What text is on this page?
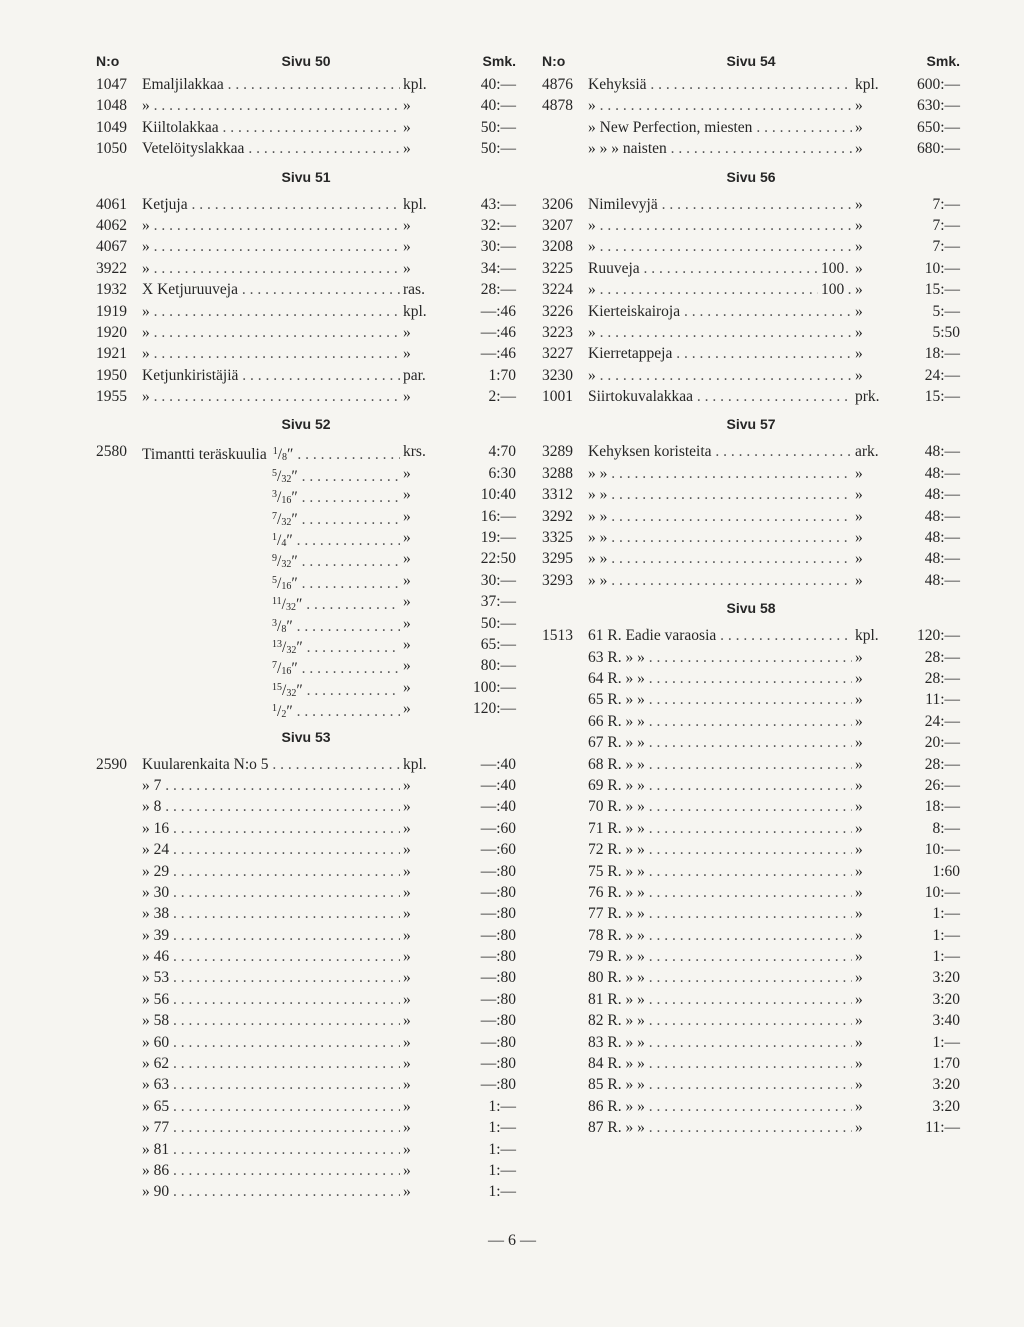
N:o	Sivu 50	Smk.
1047 Emaljilakkaa . . .	kpl.	40:—
1048 » . . .	»	40:—
1049 Kiiltolakkaa . . .	»	50:—
1050 Vetelöityslakkaa . . .	»	50:—
Sivu 51
4061 Ketjuja . . .	kpl.	43:—
4062 » . . .	»	32:—
4067 » . . .	»	30:—
3922 » . . .	»	34:—
1932 X Ketjuruuveja . . .	ras.	28:—
1919 » . . .	kpl.	—:46
1920 » . . .	»	—:46
1921 » . . .	»	—:46
1950 Ketjunkiristäjiä . . .	par.	1:70
1955 » . . .	»	2:—
Sivu 52
2580 Timantti teräskuulia $^1/_8''$ . . .	krs.	4:70
$^5/_{32}''$ . . .	»	6:30
$^3/_{16}''$ . . .	»	10:40
$^7/_{32}''$ . . .	»	16:—
$^1/_4''$ . . .	»	19:—
$^9/_{32}''$ . . .	»	22:50
$^5/_{16}''$ . . .	»	30:—
$^{11}/_{32}''$ . . .	»	37:—
$^3/_8''$ . . .	»	50:—
$^{13}/_{32}''$ . . .	»	65:—
$^7/_{16}''$ . . .	»	80:—
$^{15}/_{32}''$ . . .	»	100:—
$^1/_2''$ . . .	»	120:—
Sivu 53
2590 Kuularenkaita N:o 5 . . .	kpl.	—:40
» 7 . . .	»	—:40
» 8 . . .	»	—:40
» 16 . . .	»	—:60
» 24 . . .	»	—:60
» 29 . . .	»	—:80
» 30 . . .	»	—:80
» 38 . . .	»	—:80
» 39 . . .	»	—:80
» 46 . . .	»	—:80
» 53 . . .	»	—:80
» 56 . . .	»	—:80
» 58 . . .	»	—:80
» 60 . . .	»	—:80
» 62 . . .	»	—:80
» 63 . . .	»	—:80
» 65 . . .	»	1:—
» 77 . . .	»	1:—
» 81 . . .	»	1:—
» 86 . . .	»	1:—
» 90 . . .	»	1:—
N:o	Sivu 54	Smk.
4876 Kehyksiä . . .	kpl. 600:—
4878 » . . .	»	630:—
» New Perfection, miesten . . .	»	650:—
» » » naisten . . .	»	680:—
Sivu 56
3206 Nimilevyjä . . .	»	7:—
3207 » . . .	»	7:—
3208 » . . .	»	7:—
3225 Ruuveja . . .	100 »	10:—
3224 » . . .	100 »	15:—
3226 Kierteiskairoja . . .	»	5:—
3223 » . . .	»	5:50
3227 Kierretappeja . . .	»	18:—
3230 » . . .	»	24:—
1001 Siirtokuvalakkaa . . .	prk.	15:—
Sivu 57
3289 Kehyksen koristeita . . .	ark.	48:—
3288 » » . . .	»	48:—
3312 » » . . .	»	48:—
3292 » » . . .	»	48:—
3325 » » . . .	»	48:—
3295 » » . . .	»	48:—
3293 » » . . .	»	48:—
Sivu 58
1513 61 R. Eadie varaosia . . .	kpl. 120:—
63 R. » » . . .	»	28:—
64 R. » » . . .	»	28:—
65 R. » » . . .	»	11:—
66 R. » » . . .	»	24:—
67 R. » » . . .	»	20:—
68 R. » » . . .	»	28:—
69 R. » » . . .	»	26:—
70 R. » » . . .	»	18:—
71 R. » » . . .	»	8:—
72 R. » » . . .	»	10:—
75 R. » » . . .	»	1:60
76 R. » » . . .	»	10:—
77 R. » » . . .	»	1:—
78 R. » » . . .	»	1:—
79 R. » » . . .	»	1:—
80 R. » » . . .	»	3:20
81 R. » » . . .	»	3:20
82 R. » » . . .	»	3:40
83 R. » » . . .	»	1:—
84 R. » » . . .	»	1:70
85 R. » » . . .	»	3:20
86 R. » » . . .	»	3:20
87 R. » » . . .	»	11:—
— 6 —
